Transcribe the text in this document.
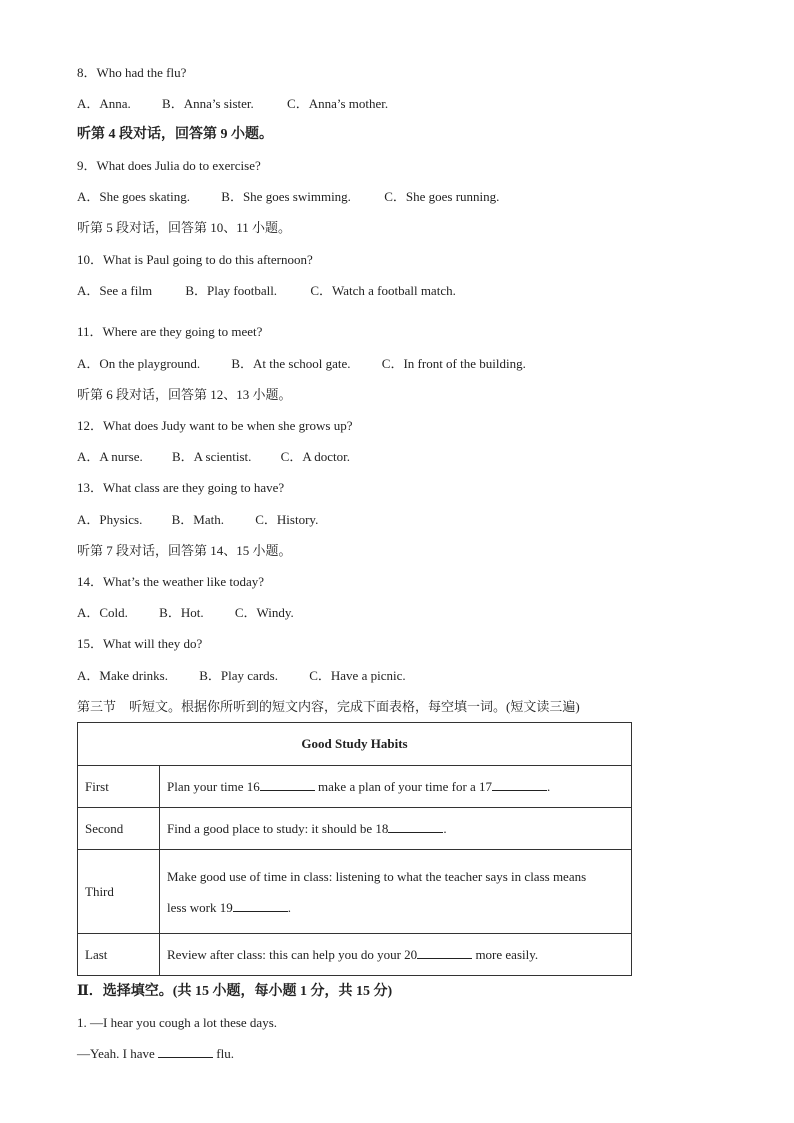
8．Who had the flu?
A．Anna. B．Anna’s sister.	C．Anna’s mother.
听第 4 段对话，回答第 9 小题。
9．What does Julia do to exercise?
A．She goes skating. B．She goes swimming.	C．She goes running.
听第 5 段对话，回答第 10、11 小题。
10．What is Paul going to do this afternoon?
A．See a film	B．Play football.	C．Watch a football match.
11．Where are they going to meet?
A．On the playground. B．At the school gate. C．In front of the building.
听第 6 段对话，回答第 12、13 小题。
12．What does Judy want to be when she grows up?
A．A nurse. B．A scientist. C．A doctor.
13．What class are they going to have?
A．Physics. B．Math. C．History.
听第 7 段对话，回答第 14、15 小题。
14．What’s the weather like today?
A．Cold. B．Hot. C．Windy.
15．What will they do?
A．Make drinks. B．Play cards. C．Have a picnic.
第三节　听短文。根据你所听到的短文内容，完成下面表格，每空填一词。(短文读三遍)
Good Study Habits	
First	Plan your time 16 make a plan of your time for a 17 .
Second	Find a good place to study: it should be 18 .
Third	Make good use of time in class: listening to what the teacher says in class means
less work 19 .
Last	Review after class: this can help you do your 20 more easily.
Ⅱ．选择填空。(共 15 小题，每小题 1 分，共 15 分)
1. —I hear you cough a lot these days.
—Yeah. I have	flu.
